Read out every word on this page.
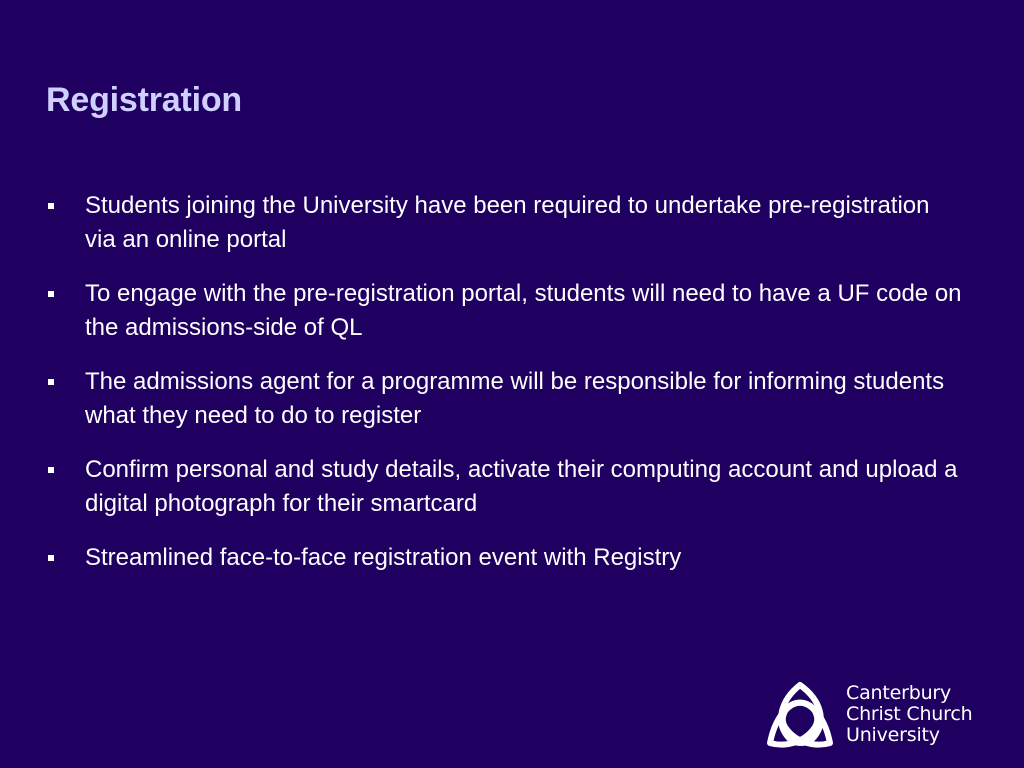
Registration
Students joining the University have been required to undertake pre-registration via an online portal
To engage with the pre-registration portal, students will need to have a UF code on the admissions-side of QL
The admissions agent for a programme will be responsible for informing students what they need to do to register
Confirm personal and study details, activate their computing account and upload a digital photograph for their smartcard
Streamlined face-to-face registration event with Registry
Canterbury
Christ Church
University
